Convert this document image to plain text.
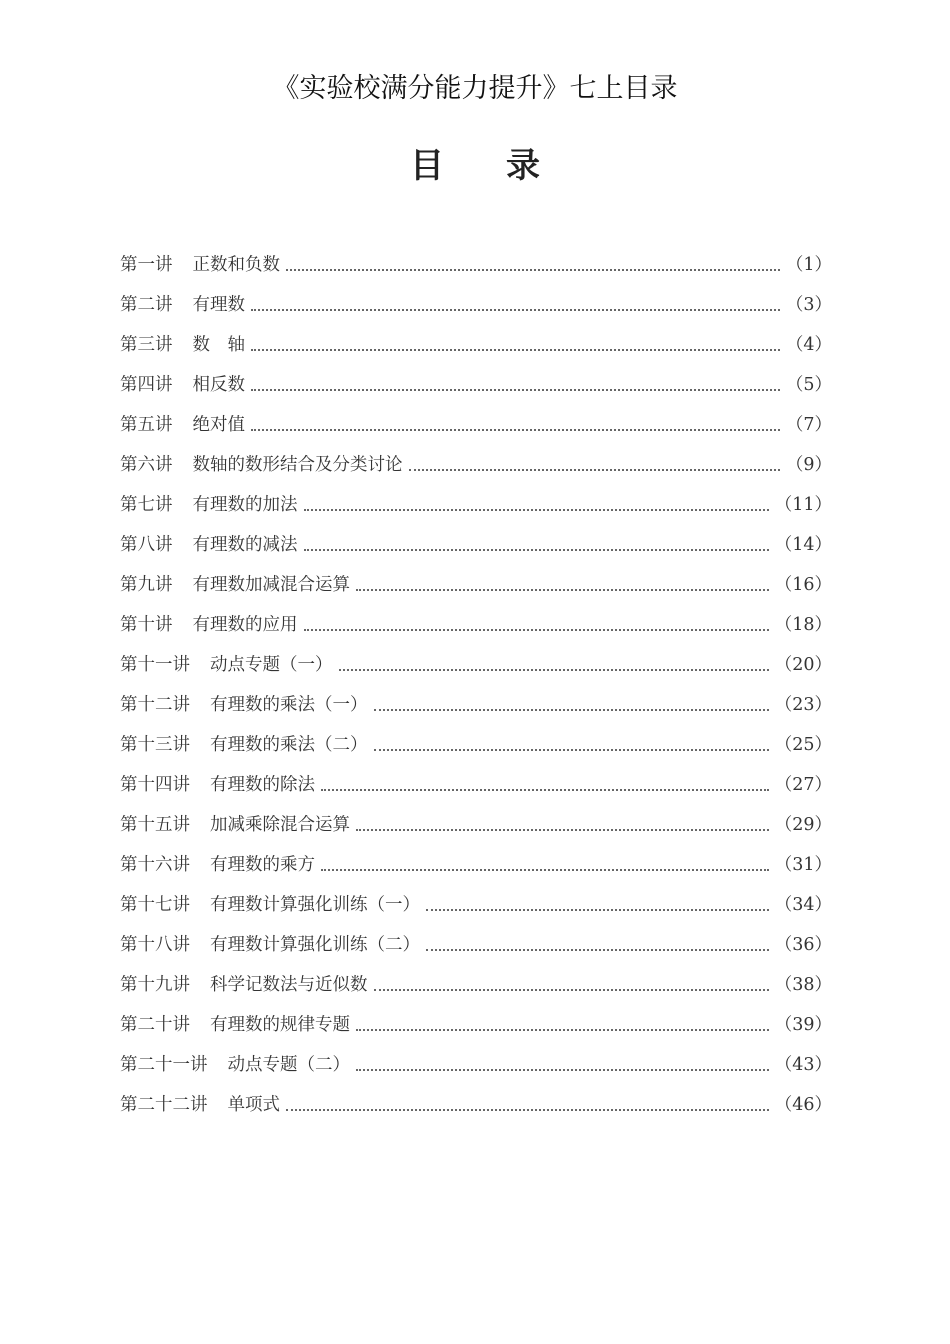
《实验校满分能力提升》七上目录
目 录
第一讲 正数和负数	（1）
第二讲 有理数	（3）
第三讲 数　轴	（4）
第四讲 相反数	（5）
第五讲 绝对值	（7）
第六讲 数轴的数形结合及分类讨论	（9）
第七讲 有理数的加法	（11）
第八讲 有理数的减法	（14）
第九讲 有理数加减混合运算	（16）
第十讲 有理数的应用	（18）
第十一讲 动点专题（一）	（20）
第十二讲 有理数的乘法（一）	（23）
第十三讲 有理数的乘法（二）	（25）
第十四讲 有理数的除法	（27）
第十五讲 加减乘除混合运算	（29）
第十六讲 有理数的乘方	（31）
第十七讲 有理数计算强化训练（一）	（34）
第十八讲 有理数计算强化训练（二）	（36）
第十九讲 科学记数法与近似数	（38）
第二十讲 有理数的规律专题	（39）
第二十一讲 动点专题（二）	（43）
第二十二讲 单项式	（46）
